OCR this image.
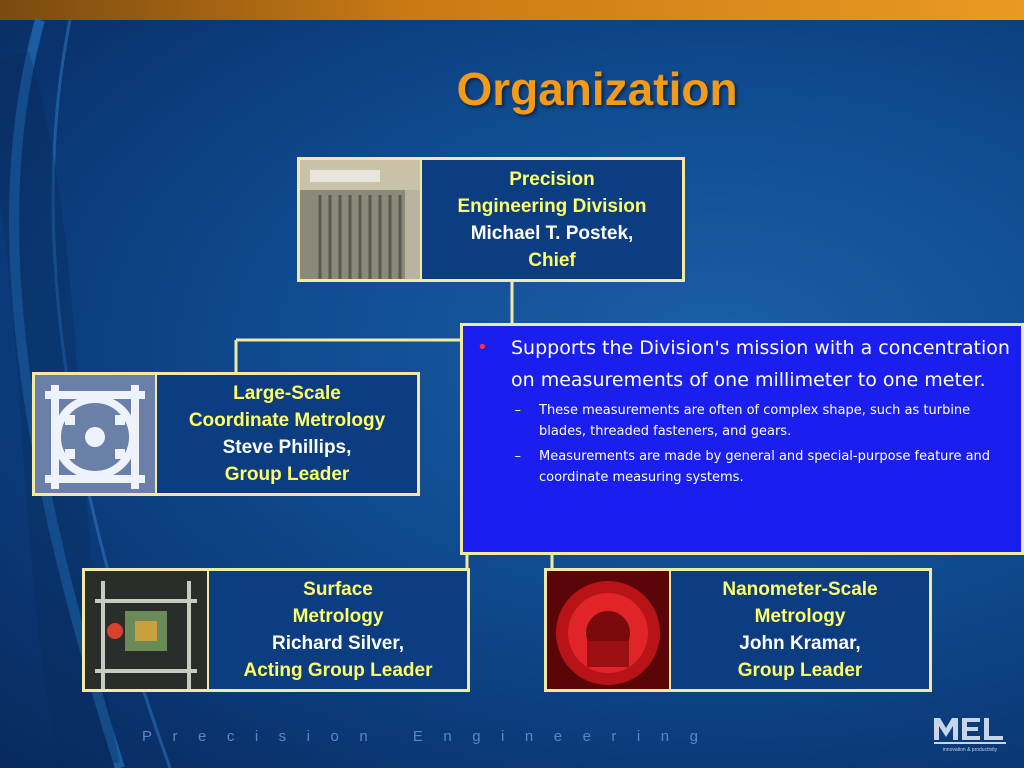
Organization
Precision
Engineering Division
Michael T. Postek,
Chief
Large-Scale
Coordinate Metrology
Steve Phillips,
Group Leader
Surface
Metrology
Richard Silver,
Acting Group Leader
Nanometer-Scale
Metrology
John Kramar,
Group Leader
•	Supports the Division's mission with a concentration on measurements of one millimeter to one meter.
–	These measurements are often of complex shape, such as turbine blades, threaded fasteners, and gears.
–	Measurements are made by general and special-purpose feature and coordinate measuring systems.
Precision Engineering
innovation & productivity
